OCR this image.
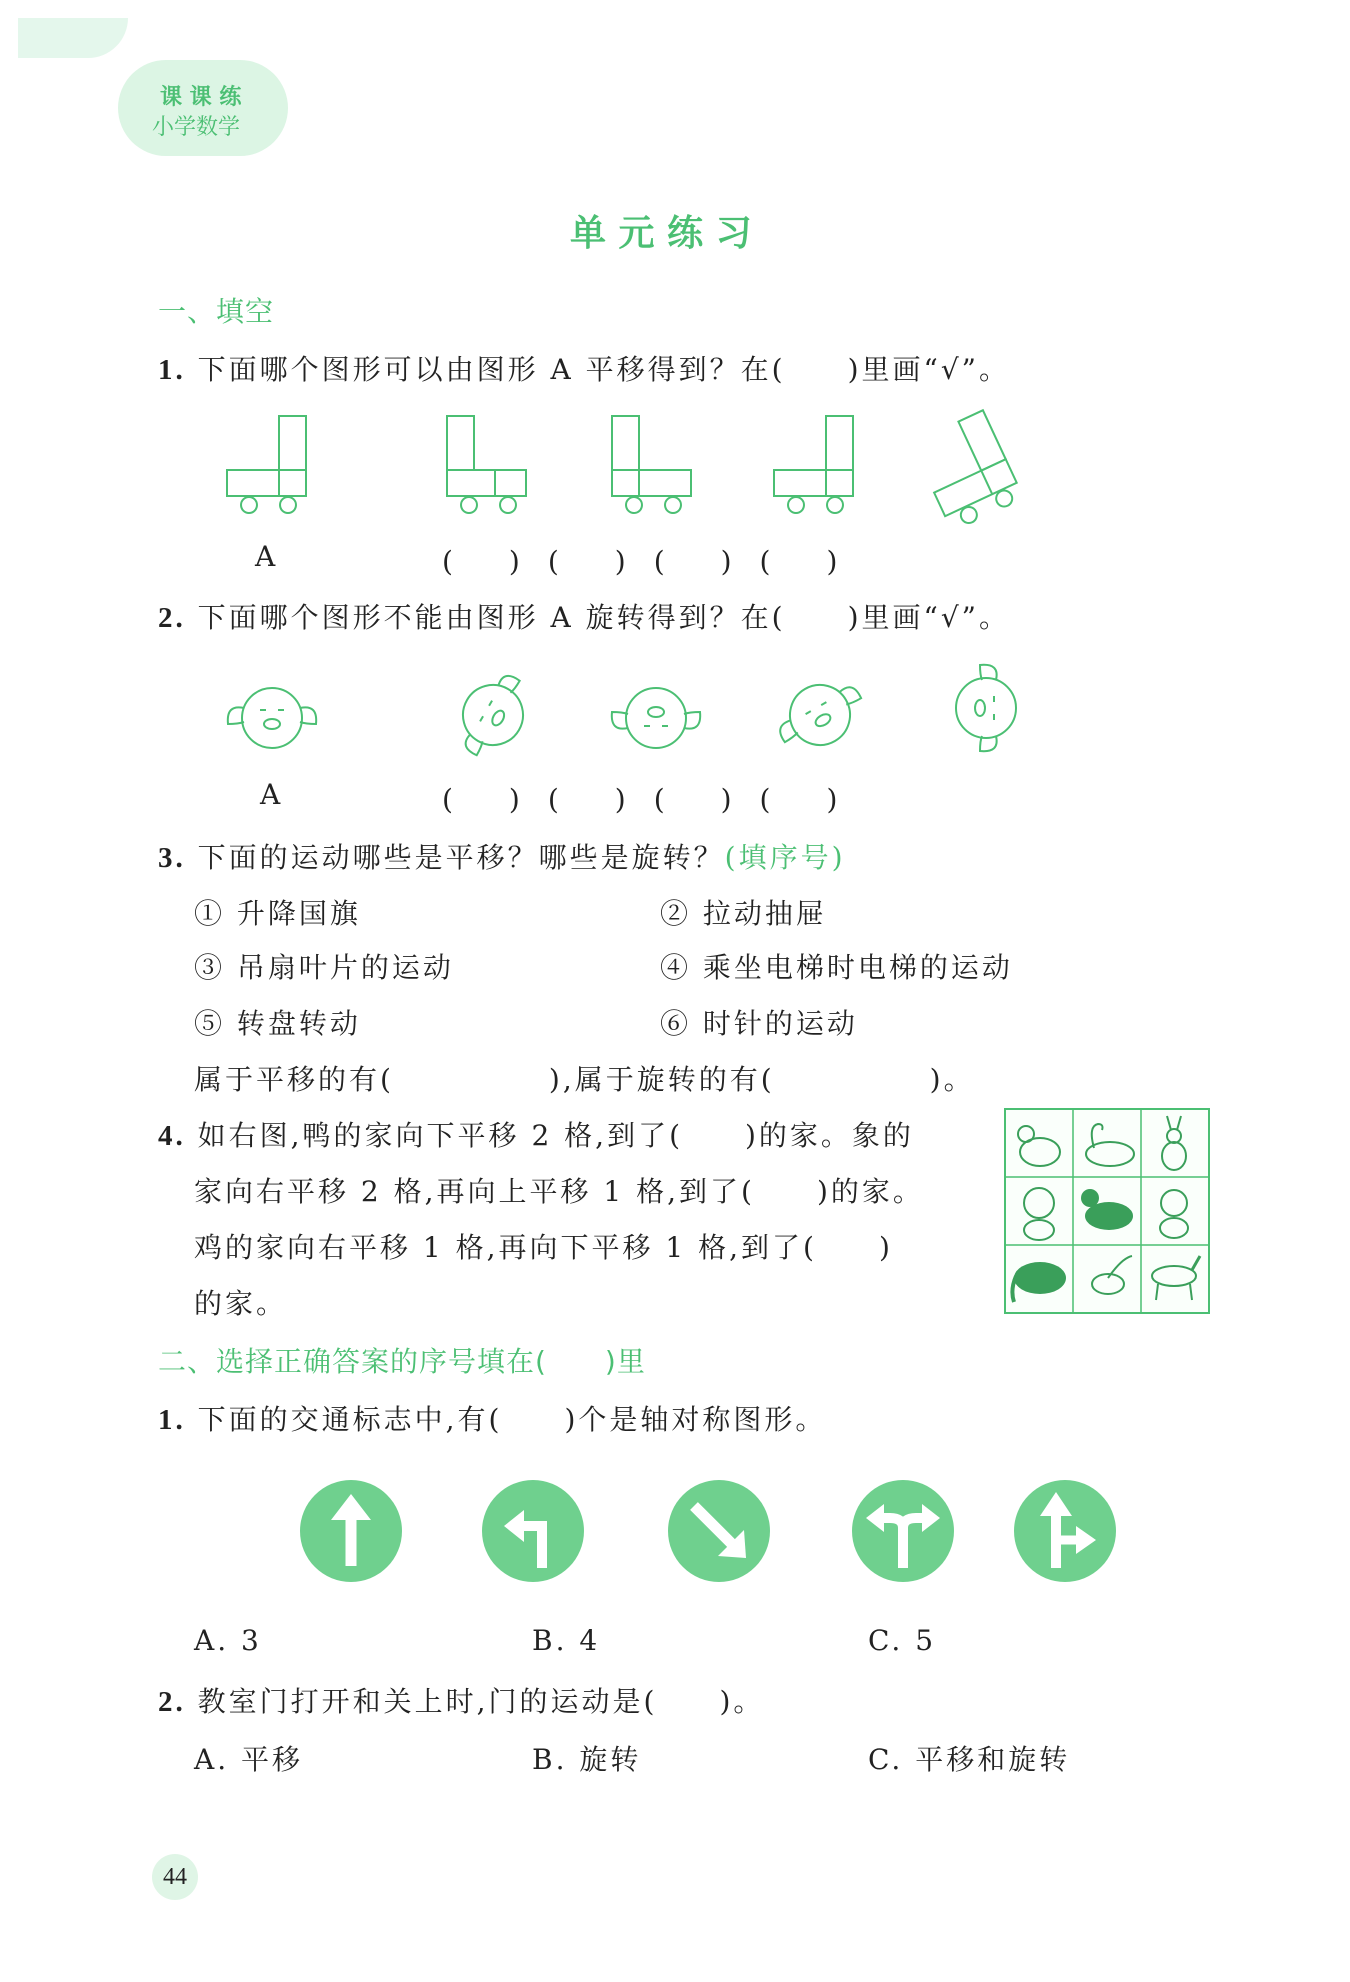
课 课 练
小学数学
单 元 练 习
一、填空
1. 下面哪个图形可以由图形 A 平移得到？在(　　)里画“√”。
A	(　　)　(　　)　(　　)　(　　)
2. 下面哪个图形不能由图形 A 旋转得到？在(　　)里画“√”。
A	(　　)　(　　)　(　　)　(　　)
3. 下面的运动哪些是平移？哪些是旋转？(填序号)
① 升降国旗	② 拉动抽屉
③ 吊扇叶片的运动	④ 乘坐电梯时电梯的运动
⑤ 转盘转动	⑥ 时针的运动
属于平移的有(　　　　　),属于旋转的有(　　　　　)。
4. 如右图,鸭的家向下平移 2 格,到了(　　)的家。象的
家向右平移 2 格,再向上平移 1 格,到了(　　)的家。
鸡的家向右平移 1 格,再向下平移 1 格,到了(　　)
的家。
二、选择正确答案的序号填在(　　)里
1. 下面的交通标志中,有(　　)个是轴对称图形。
A. 3	B. 4	C. 5
2. 教室门打开和关上时,门的运动是(　　)。
A. 平移	B. 旋转	C. 平移和旋转
44
